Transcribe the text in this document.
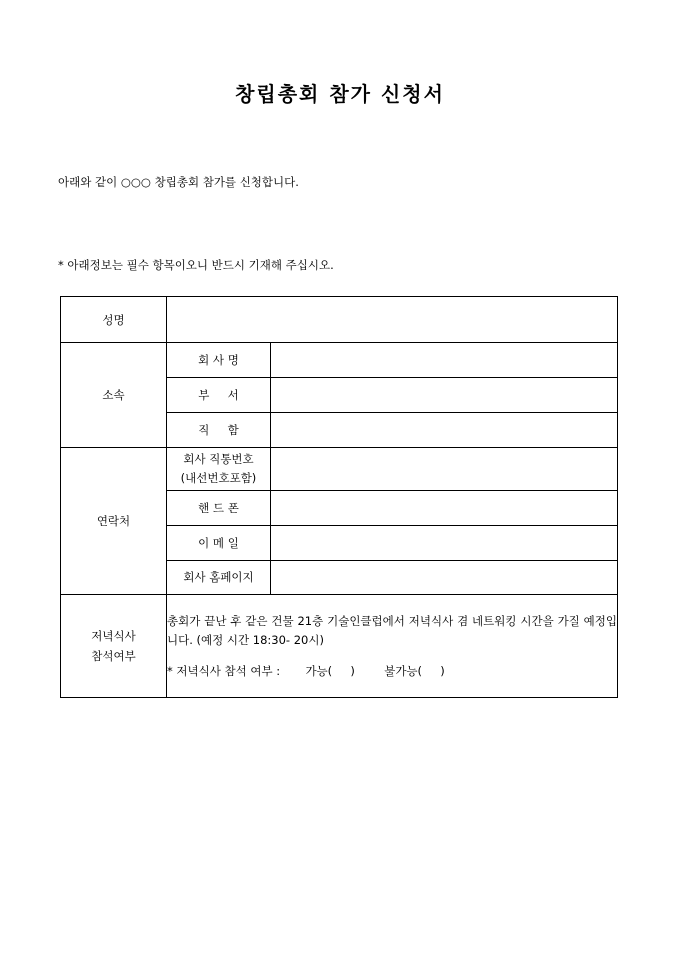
창립총회 참가 신청서
아래와 같이 ○○○ 창립총회 참가를 신청합니다.
* 아래정보는 필수 항목이오니 반드시 기재해 주십시오.
성명		
소속	회 사 명	
	부     서	
	직     함	
연락처	회사 직통번호
(내선번호포함)	

	핸 드 폰	
	이 메 일	
	회사 홈페이지	

저녁식사
참석여부	총회가 끝난 후 같은 건물 21층 기술인클럽에서 저녁식사 겸 네트워킹 시간을 가질 예정입니다. (예정 시간 18:30- 20시)
* 저녁식사 참석 여부 : 가능(     ) 불가능(     )	
